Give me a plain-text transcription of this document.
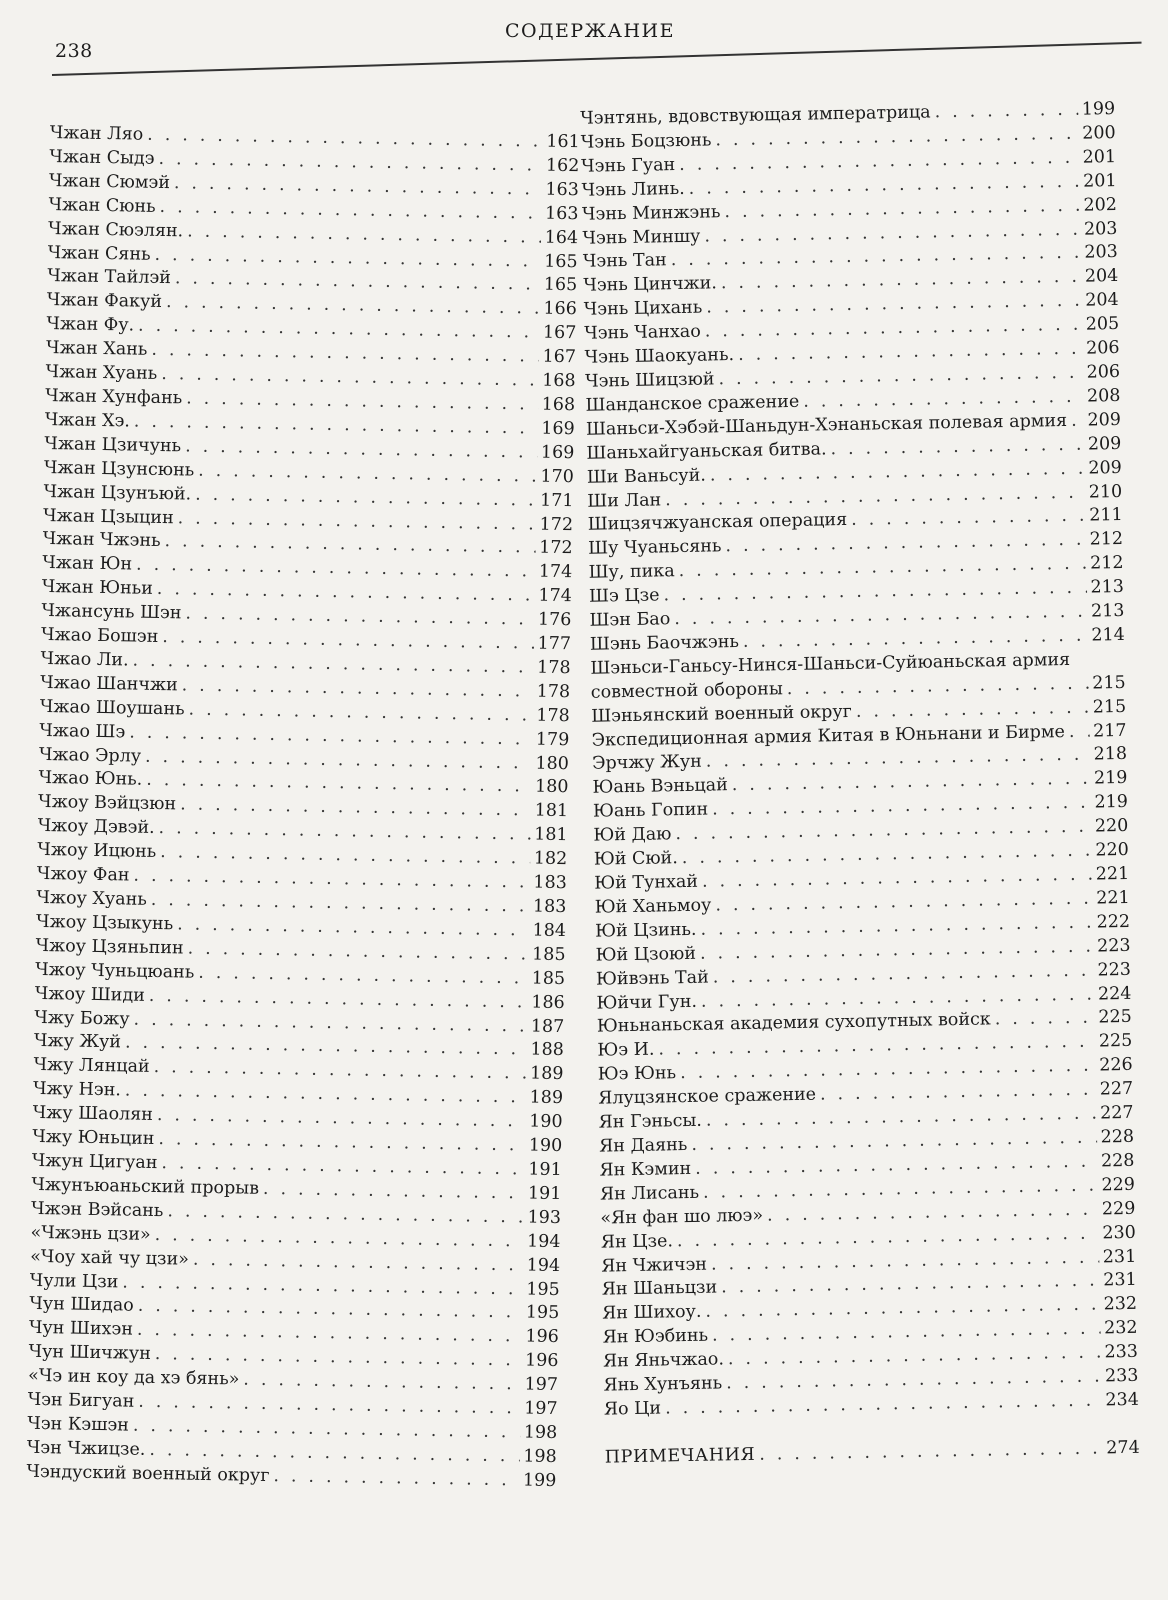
238
СОДЕРЖАНИЕ
Чжан Ляо . . .	161
Чжан Сыдэ . . .	162
Чжан Сюмэй . . .	163
Чжан Сюнь . . .	163
Чжан Сюэлян. . . .	164
Чжан Сянь . . .	165
Чжан Тайлэй . . .	165
Чжан Факуй . . .	166
Чжан Фу. . . .	167
Чжан Хань . . .	167
Чжан Хуань . . .	168
Чжан Хунфань . . .	168
Чжан Хэ. . . .	169
Чжан Цзичунь . . .	169
Чжан Цзунсюнь . . .	170
Чжан Цзунъюй. . . .	171
Чжан Цзыцин . . .	172
Чжан Чжэнь . . .	172
Чжан Юн . . .	174
Чжан Юньи . . .	174
Чжансунь Шэн . . .	176
Чжао Бошэн . . .	177
Чжао Ли. . . .	178
Чжао Шанчжи . . .	178
Чжао Шоушань . . .	178
Чжао Шэ . . .	179
Чжао Эрлу . . .	180
Чжао Юнь. . . .	180
Чжоу Вэйцзюн . . .	181
Чжоу Дэвэй. . . .	181
Чжоу Ицюнь . . .	182
Чжоу Фан . . .	183
Чжоу Хуань . . .	183
Чжоу Цзыкунь . . .	184
Чжоу Цзяньпин . . .	185
Чжоу Чуньцюань . . .	185
Чжоу Шиди . . .	186
Чжу Божу . . .	187
Чжу Жуй . . .	188
Чжу Лянцай . . .	189
Чжу Нэн. . . .	189
Чжу Шаолян . . .	190
Чжу Юньцин . . .	190
Чжун Цигуан . . .	191
Чжунъюаньский прорыв . . .	191
Чжэн Вэйсань . . .	193
«Чжэнь цзи» . . .	194
«Чоу хай чу цзи» . . .	194
Чули Цзи . . .	195
Чун Шидао . . .	195
Чун Шихэн . . .	196
Чун Шичжун . . .	196
«Чэ ин коу да хэ бянь» . . .	197
Чэн Бигуан . . .	197
Чэн Кэшэн . . .	198
Чэн Чжицзе. . . .	198
Чэндуский военный округ . . .	199
Чэнтянь, вдовствующая императрица . . .	199
Чэнь Боцзюнь . . .	200
Чэнь Гуан . . .	201
Чэнь Линь. . . .	201
Чэнь Минжэнь . . .	202
Чэнь Миншу . . .	203
Чэнь Тан . . .	203
Чэнь Цинчжи. . . .	204
Чэнь Цихань . . .	204
Чэнь Чанхао . . .	205
Чэнь Шаокуань. . . .	206
Чэнь Шицзюй . . .	206
Шанданское сражение . . .	208
Шаньси-Хэбэй-Шаньдун-Хэнаньская полевая армия . . . 209
Шаньхайгуаньская битва. . . .	209
Ши Ваньсуй. . . .	209
Ши Лан . . .	210
Шицзячжуанская операция . . .	211
Шу Чуаньсянь . . .	212
Шу, пика . . .	212
Шэ Цзе . . .	213
Шэн Бао . . .	213
Шэнь Баочжэнь . . .	214
Шэньси-Ганьсу-Нинся-Шаньси-Суйюаньская армия
совместной обороны . . .	215
Шэньянский военный округ . . .	215
Экспедиционная армия Китая в Юньнани и Бирме . . . 217
Эрчжу Жун . . .	218
Юань Вэньцай . . .	219
Юань Гопин . . .	219
Юй Даю . . .	220
Юй Сюй. . . .	220
Юй Тунхай . . .	221
Юй Ханьмоу . . .	221
Юй Цзинь. . . .	222
Юй Цзоюй . . .	223
Юйвэнь Тай . . .	223
Юйчи Гун. . . .	224
Юньнаньская академия сухопутных войск . . .	225
Юэ И. . . .	225
Юэ Юнь . . .	226
Ялуцзянское сражение . . .	227
Ян Гэньсы. . . .	227
Ян Даянь . . .	228
Ян Кэмин . . .	228
Ян Лисань . . .	229
«Ян фан шо люэ» . . .	229
Ян Цзе. . . .	230
Ян Чжичэн . . .	231
Ян Шаньцзи . . .	231
Ян Шихоу. . . .	232
Ян Юэбинь . . .	232
Ян Яньчжао. . . .	233
Янь Хунъянь . . .	233
Яо Ци . . .	234
ПРИМЕЧАНИЯ . . .	274
